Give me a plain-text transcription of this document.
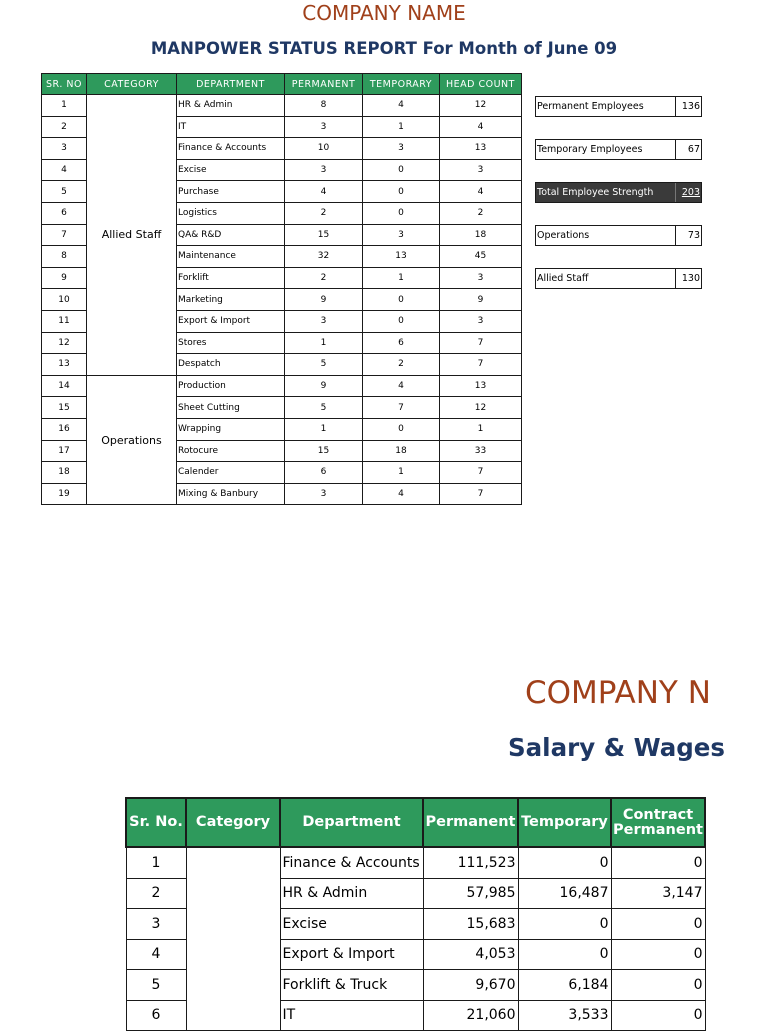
COMPANY NAME
MANPOWER STATUS REPORT For Month of June 09
SR. NO	CATEGORY	DEPARTMENT	PERMANENT	TEMPORARY	HEAD COUNT
1	Allied Staff	HR & Admin	8	4	12
2		IT	3	1	4
3		Finance & Accounts	10	3	13
4		Excise	3	0	3
5		Purchase	4	0	4
6		Logistics	2	0	2
7		QA& R&D	15	3	18
8		Maintenance	32	13	45
9		Forklift	2	1	3
10		Marketing	9	0	9
11		Export & Import	3	0	3
12		Stores	1	6	7
13		Despatch	5	2	7
14	Operations	Production	9	4	13
15		Sheet Cutting	5	7	12
16		Wrapping	1	0	1
17		Rotocure	15	18	33
18		Calender	6	1	7
19		Mixing & Banbury	3	4	7
Permanent Employees	136
Temporary Employees	67
Total Employee Strength	203
Operations	73
Allied Staff	130
COMPANY N
Salary & Wages
Sr. No.	Category	Department	Permanent	Temporary	Contract Permanent
1		Finance & Accounts	111,523	0	0
2		HR & Admin	57,985	16,487	3,147
3		Excise	15,683	0	0
4		Export & Import	4,053	0	0
5		Forklift & Truck	9,670	6,184	0
6		IT	21,060	3,533	0
